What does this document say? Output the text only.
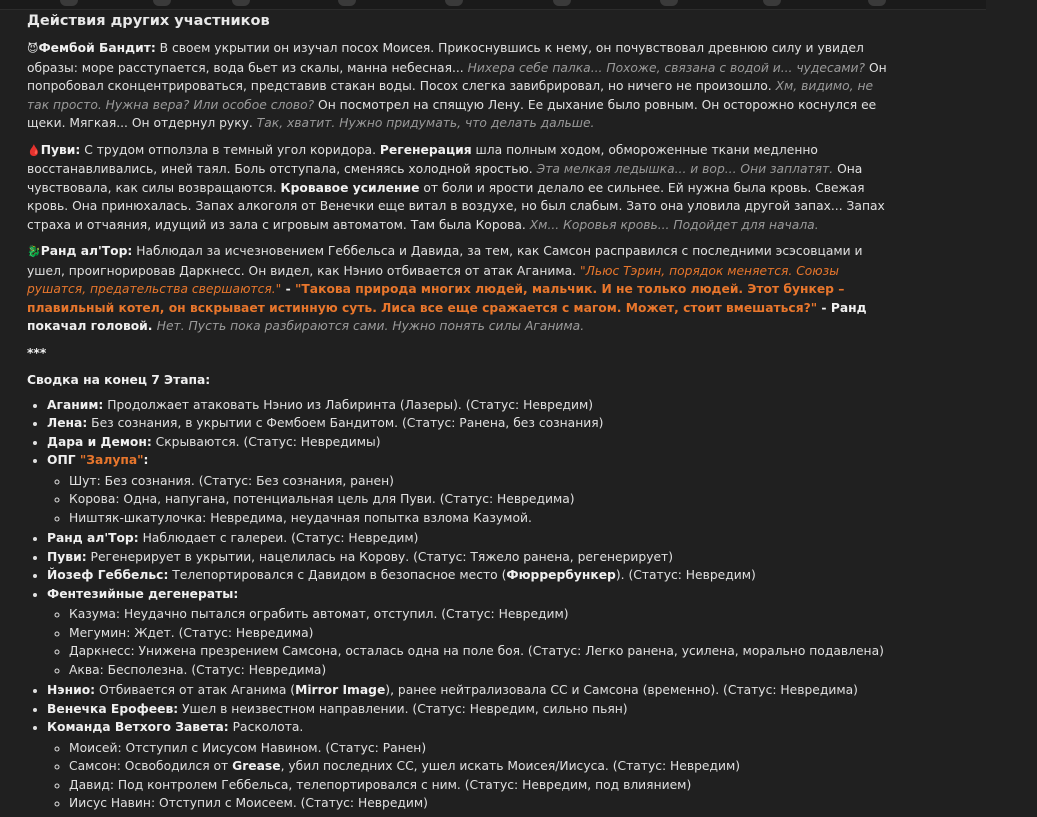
Действия других участников

😈Фембой Бандит: В своем укрытии он изучал посох Моисея. Прикоснувшись к нему, он почувствовал древнюю силу и увидел образы: море расступается, вода бьет из скалы, манна небесная... Нихера себе палка... Похоже, связана с водой и... чудесами? Он попробовал сконцентрироваться, представив стакан воды. Посох слегка завибрировал, но ничего не произошло. Хм, видимо, не так просто. Нужна вера? Или особое слово? Он посмотрел на спящую Лену. Ее дыхание было ровным. Он осторожно коснулся ее щеки. Мягкая... Он отдернул руку. Так, хватит. Нужно придумать, что делать дальше.

🩸Пуви: С трудом отползла в темный угол коридора. Регенерация шла полным ходом, обмороженные ткани медленно восстанавливались, иней таял. Боль отступала, сменяясь холодной яростью. Эта мелкая ледышка... и вор... Они заплатят. Она чувствовала, как силы возвращаются. Кровавое усиление от боли и ярости делало ее сильнее. Ей нужна была кровь. Свежая кровь. Она принюхалась. Запах алкоголя от Венечки еще витал в воздухе, но был слабым. Зато она уловила другой запах... Запах страха и отчаяния, идущий из зала с игровым автоматом. Там была Корова. Хм... Коровья кровь... Подойдет для начала.

🐉Ранд ал'Тор: Наблюдал за исчезновением Геббельса и Давида, за тем, как Самсон расправился с последними эсэсовцами и ушел, проигнорировав Даркнесс. Он видел, как Нэнио отбивается от атак Аганима. "Льюс Тэрин, порядок меняется. Союзы рушатся, предательства свершаются." - "Такова природа многих людей, мальчик. И не только людей. Этот бункер – плавильный котел, он вскрывает истинную суть. Лиса все еще сражается с магом. Может, стоит вмешаться?" - Ранд покачал головой. Нет. Пусть пока разбираются сами. Нужно понять силы Аганима.

***

Сводка на конец 7 Этапа:

• Аганим: Продолжает атаковать Нэнио из Лабиринта (Лазеры). (Статус: Невредим)
• Лена: Без сознания, в укрытии с Фембоем Бандитом. (Статус: Ранена, без сознания)
• Дара и Демон: Скрываются. (Статус: Невредимы)
• ОПГ "Залупа":
◦ Шут: Без сознания. (Статус: Без сознания, ранен)
◦ Корова: Одна, напугана, потенциальная цель для Пуви. (Статус: Невредима)
◦ Ништяк-шкатулочка: Невредима, неудачная попытка взлома Казумой.
• Ранд ал'Тор: Наблюдает с галереи. (Статус: Невредим)
• Пуви: Регенерирует в укрытии, нацелилась на Корову. (Статус: Тяжело ранена, регенерирует)
• Йозеф Геббельс: Телепортировался с Давидом в безопасное место (Фюррербункер). (Статус: Невредим)
• Фентезийные дегенераты:
◦ Казума: Неудачно пытался ограбить автомат, отступил. (Статус: Невредим)
◦ Мегумин: Ждет. (Статус: Невредима)
◦ Даркнесс: Унижена презрением Самсона, осталась одна на поле боя. (Статус: Легко ранена, усилена, морально подавлена)
◦ Аква: Бесполезна. (Статус: Невредима)
• Нэнио: Отбивается от атак Аганима (Mirror Image), ранее нейтрализовала СС и Самсона (временно). (Статус: Невредима)
• Венечка Ерофеев: Ушел в неизвестном направлении. (Статус: Невредим, сильно пьян)
• Команда Ветхого Завета: Расколота.
◦ Моисей: Отступил с Иисусом Навином. (Статус: Ранен)
◦ Самсон: Освободился от Grease, убил последних СС, ушел искать Моисея/Иисуса. (Статус: Невредим)
◦ Давид: Под контролем Геббельса, телепортировался с ним. (Статус: Невредим, под влиянием)
◦ Иисус Навин: Отступил с Моисеем. (Статус: Невредим)
